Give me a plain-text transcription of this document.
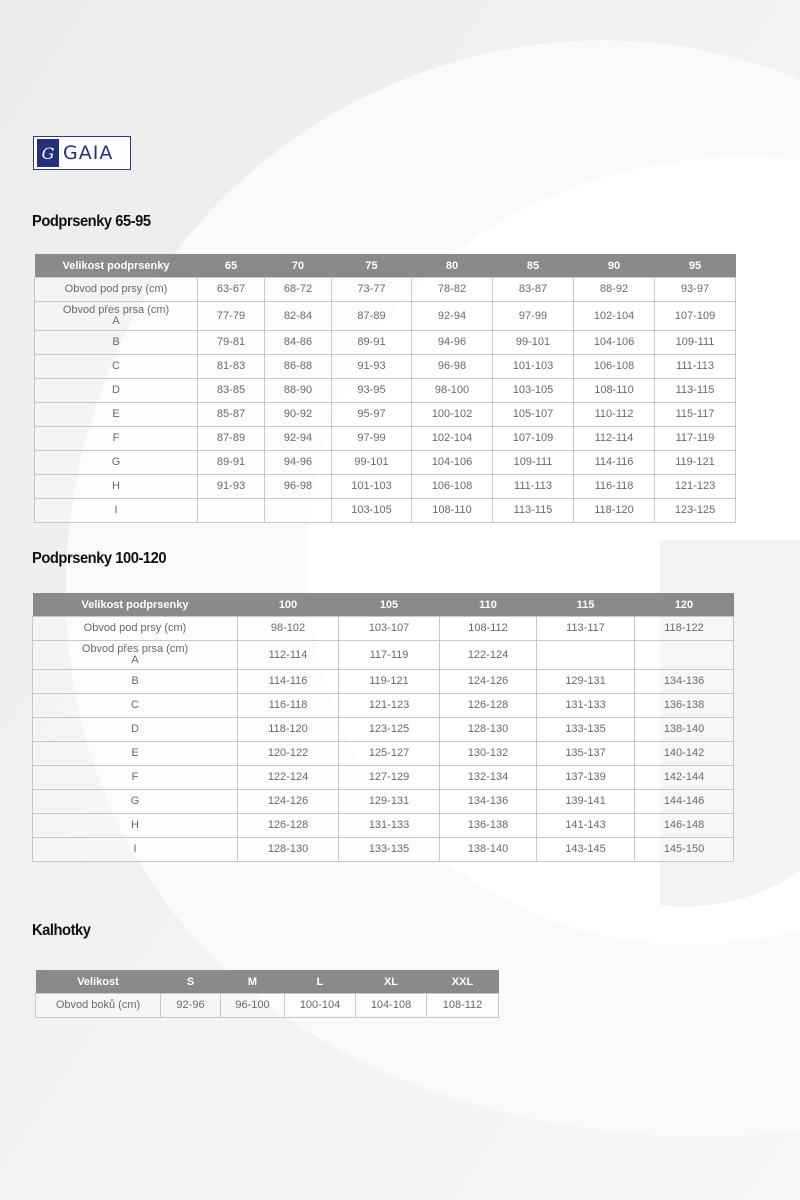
G GAIA
Podprsenky 65-95
Velikost podprsenky	65	70	75	80	85	90	95
Obvod pod prsy (cm)	63-67	68-72	73-77	78-82	83-87	88-92	93-97

Obvod přes prsa (cm)
A	77-79	82-84	87-89	92-94	97-99	102-104	107-109
B	79-81	84-86	89-91	94-96	99-101	104-106	109-111
C	81-83	86-88	91-93	96-98	101-103	106-108	111-113
D	83-85	88-90	93-95	98-100	103-105	108-110	113-115
E	85-87	90-92	95-97	100-102	105-107	110-112	115-117
F	87-89	92-94	97-99	102-104	107-109	112-114	117-119
G	89-91	94-96	99-101	104-106	109-111	114-116	119-121
H	91-93	96-98	101-103	106-108	111-113	116-118	121-123
I			103-105	108-110	113-115	118-120	123-125
Podprsenky 100-120
Velikost podprsenky	100	105	110	115	120
Obvod pod prsy (cm)	98-102	103-107	108-112	113-117	118-122

Obvod přes prsa (cm)
A	112-114	117-119	122-124		
B	114-116	119-121	124-126	129-131	134-136
C	116-118	121-123	126-128	131-133	136-138
D	118-120	123-125	128-130	133-135	138-140
E	120-122	125-127	130-132	135-137	140-142
F	122-124	127-129	132-134	137-139	142-144
G	124-126	129-131	134-136	139-141	144-146
H	126-128	131-133	136-138	141-143	146-148
I	128-130	133-135	138-140	143-145	145-150
Kalhotky
Velikost	S	M	L	XL	XXL
Obvod boků (cm)	92-96	96-100	100-104	104-108	108-112
